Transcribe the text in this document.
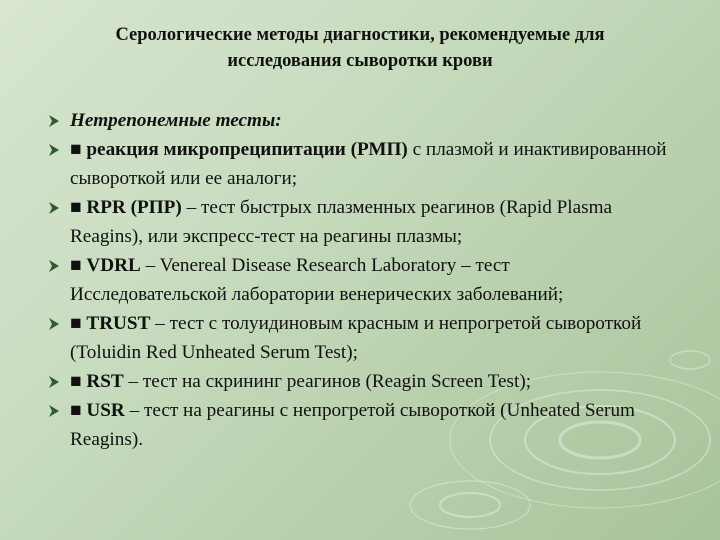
Серологические методы диагностики, рекомендуемые для
исследования сыворотки крови
Нетрепонемные тесты:
■ реакция микропреципитации (РМП) с плазмой и инактивированной сывороткой или ее аналоги;
■ RPR (РПР) – тест быстрых плазменных реагинов (Rapid Plasma Reagins), или экспресс-тест на реагины плазмы;
■ VDRL – Venereal Disease Research Laboratory – тест Исследовательской лаборатории венерических заболеваний;
■ TRUST – тест с толуидиновым красным и непрогретой сывороткой (Toluidin Red Unheated Serum Test);
■ RST – тест на скрининг реагинов (Reagin Screen Test);
■ USR – тест на реагины с непрогретой сывороткой (Unheated Serum Reagins).
